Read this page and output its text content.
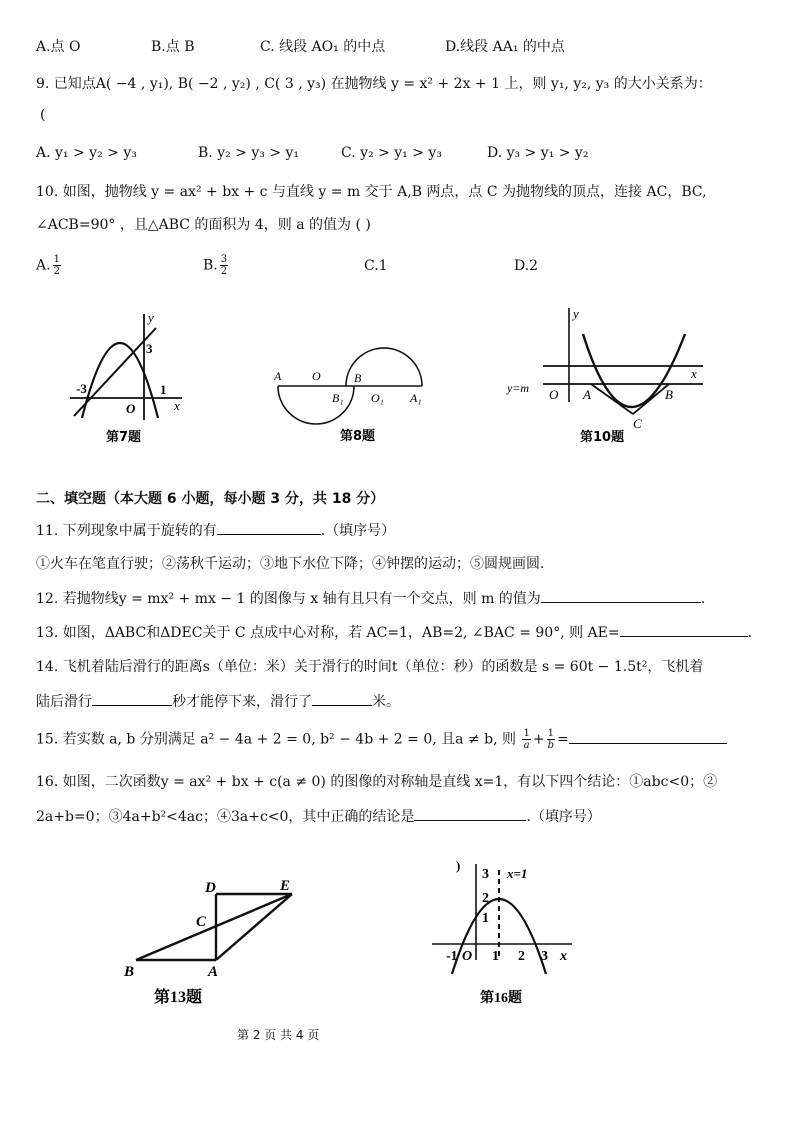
A.点 O	B.点 B	C. 线段 AO₁ 的中点	D.线段 AA₁ 的中点
9. 已知点A( −4 , y₁), B( −2 , y₂) , C( 3 , y₃) 在抛物线 y = x² + 2x + 1 上，则 y₁, y₂, y₃ 的大小关系为：
(
A. y₁ > y₂ > y₃	B. y₂ > y₃ > y₁	C. y₂ > y₁ > y₃	D. y₃ > y₁ > y₂
10. 如图，抛物线 y = ax² + bx + c 与直线 y = m 交于 A,B 两点，点 C 为抛物线的顶点，连接 AC，BC,
∠ACB=90° ，且△ABC 的面积为 4，则 a 的值为 ( )
A. $\frac{1}{2}$	B. $\frac{3}{2}$	C.1	D.2
y
x
3
-3	1
O
第7题
A	O	B
B₁ O₁ A₁
第8题
y
x
y=m O A	B
C
第10题
二、填空题（本大题 6 小题，每小题 3 分，共 18 分）
11. 下列现象中属于旋转的有	.（填序号）
①火车在笔直行驶；②荡秋千运动；③地下水位下降；④钟摆的运动；⑤圆规画圆.
12. 若抛物线y = mx² + mx − 1 的图像与 x 轴有且只有一个交点，则 m 的值为	.
13. 如图，ΔABC和ΔDEC关于 C 点成中心对称，若 AC=1，AB=2, ∠BAC = 90°, 则 AE=	.
14. 飞机着陆后滑行的距离s（单位：米）关于滑行的时间t（单位：秒）的函数是 s = 60t − 1.5t²，飞机着
陆后滑行	秒才能停下来，滑行了	米。
15. 若实数 a, b 分别满足 a² − 4a + 2 = 0, b² − 4b + 2 = 0, 且a ≠ b, 则 $\frac{1}{a} + \frac{1}{b}$ =
16. 如图，二次函数y = ax² + bx + c(a ≠ 0) 的图像的对称轴是直线 x=1，有以下四个结论：①abc<0；②
2a+b=0；③4a+b²<4ac；④3a+c<0，其中正确的结论是	.（填序号）
D	E
C
B	A
第13题
)
3 x=1
2
1
-1 O 1 2 3 x
第16题
第 2 页 共 4 页
